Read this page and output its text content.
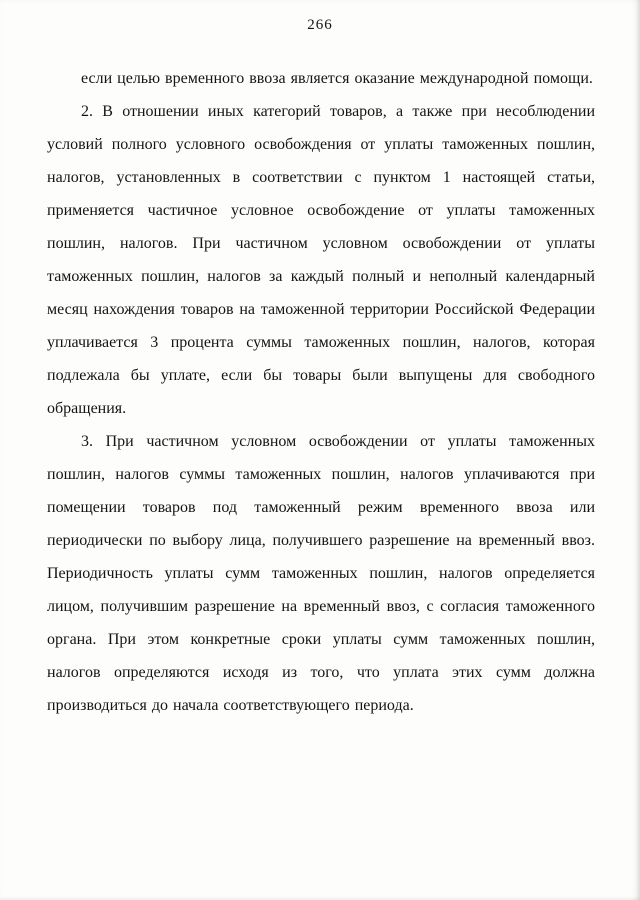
266

если целью временного ввоза является оказание международной помощи.

2. В отношении иных категорий товаров, а также при несоблюдении условий полного условного освобождения от уплаты таможенных пошлин, налогов, установленных в соответствии с пунктом 1 настоящей статьи, применяется частичное условное освобождение от уплаты таможенных пошлин, налогов. При частичном условном освобождении от уплаты таможенных пошлин, налогов за каждый полный и неполный календарный месяц нахождения товаров на таможенной территории Российской Федерации уплачивается 3 процента суммы таможенных пошлин, налогов, которая подлежала бы уплате, если бы товары были выпущены для свободного обращения.

3. При частичном условном освобождении от уплаты таможенных пошлин, налогов суммы таможенных пошлин, налогов уплачиваются при помещении товаров под таможенный режим временного ввоза или периодически по выбору лица, получившего разрешение на временный ввоз. Периодичность уплаты сумм таможенных пошлин, налогов определяется лицом, получившим разрешение на временный ввоз, с согласия таможенного органа. При этом конкретные сроки уплаты сумм таможенных пошлин, налогов определяются исходя из того, что уплата этих сумм должна производиться до начала соответствующего периода.
